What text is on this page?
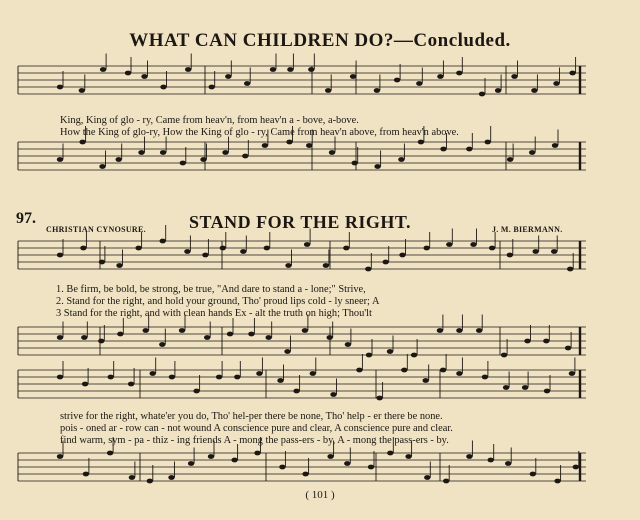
WHAT CAN CHILDREN DO?—Concluded.
King, King of glo - ry, Came from heav'n, from heav'n a - bove, a-bove.
How the King of glo-ry, How the King of glo - ry, Came from heav'n above, from heav'n above.
97.
CHRISTIAN CYNOSURE.	STAND FOR THE RIGHT.	J. M. BIERMANN.
1. Be firm, be bold, be strong, be true, "And dare to stand a - lone;" Strive,
2. Stand for the right, and hold your ground, Tho' proud lips cold - ly sneer; A
3 Stand for the right, and with clean hands Ex - alt the truth on high; Thou'lt
strive for the right, whate'er you do, Tho' hel-per there be none, Tho' help - er there be none.
pois - oned ar - row can - not wound A conscience pure and clear, A conscience pure and clear.
find warm, sym - pa - thiz - ing friends A - mong the pass-ers - by, A - mong the pass-ers - by.
( 101 )
